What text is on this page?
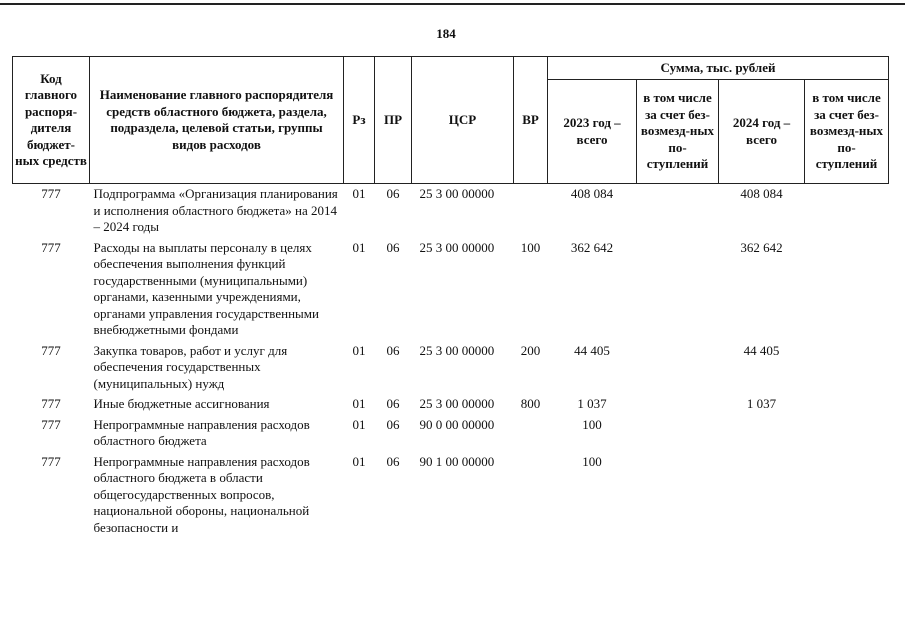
184
Код главного распоря-дителя бюджет-ных средств	Наименование главного распорядителя средств областного бюджета, раздела, подраздела, целевой статьи, группы видов расходов	Рз	ПР	ЦСР	ВР	Сумма, тыс. рублей			
						2023 год – всего	в том числе за счет без-возмезд-ных по-ступлений	2024 год – всего	в том числе за счет без-возмезд-ных по-ступлений
777	Подпрограмма «Организация планирования и исполнения областного бюджета» на 2014 – 2024 годы	01	06	25 3 00 00000		408 084		408 084	
777	Расходы на выплаты персоналу в целях обеспечения выполнения функций государственными (муниципальными) органами, казенными учреждениями, органами управления государственными внебюджетными фондами	01	06	25 3 00 00000	100	362 642		362 642	
777	Закупка товаров, работ и услуг для обеспечения государственных (муниципальных) нужд	01	06	25 3 00 00000	200	44 405		44 405	
777	Иные бюджетные ассигнования	01	06	25 3 00 00000	800	1 037		1 037	
777	Непрограммные направления расходов областного бюджета	01	06	90 0 00 00000		100			
777	Непрограммные направления расходов областного бюджета в области общегосударственных вопросов, национальной обороны, национальной безопасности и	01	06	90 1 00 00000		100			
